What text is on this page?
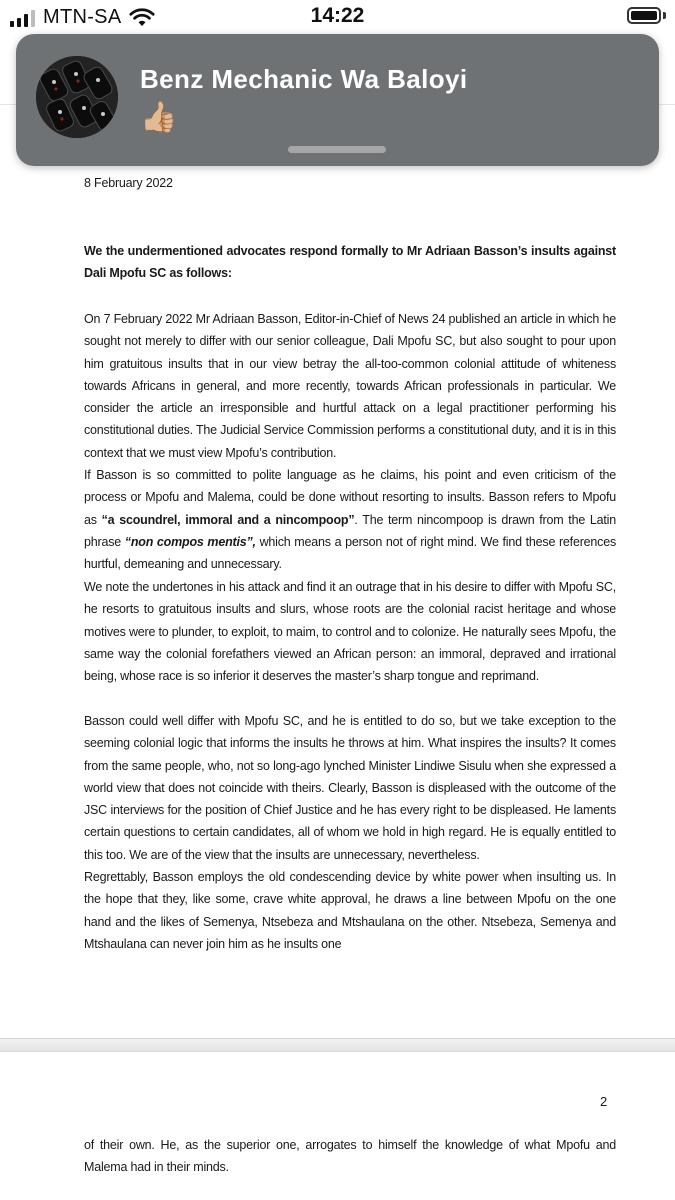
MTN-SA	14:22
Benz Mechanic Wa Baloyi
👍🏼
8 February 2022
We the undermentioned advocates respond formally to Mr Adriaan Basson’s insults against Dali Mpofu SC as follows:
On 7 February 2022 Mr Adriaan Basson, Editor-in-Chief of News 24 published an article in which he sought not merely to differ with our senior colleague, Dali Mpofu SC, but also sought to pour upon him gratuitous insults that in our view betray the all-too-common colonial attitude of whiteness towards Africans in general, and more recently, towards African professionals in particular. We consider the article an irresponsible and hurtful attack on a legal practitioner performing his constitutional duties. The Judicial Service Commission performs a constitutional duty, and it is in this context that we must view Mpofu’s contribution.
If Basson is so committed to polite language as he claims, his point and even criticism of the process or Mpofu and Malema, could be done without resorting to insults. Basson refers to Mpofu as “a scoundrel, immoral and a nincompoop”. The term nincompoop is drawn from the Latin phrase “non compos mentis”, which means a person not of right mind. We find these references hurtful, demeaning and unnecessary.
We note the undertones in his attack and find it an outrage that in his desire to differ with Mpofu SC, he resorts to gratuitous insults and slurs, whose roots are the colonial racist heritage and whose motives were to plunder, to exploit, to maim, to control and to colonize. He naturally sees Mpofu, the same way the colonial forefathers viewed an African person: an immoral, depraved and irrational being, whose race is so inferior it deserves the master’s sharp tongue and reprimand.
Basson could well differ with Mpofu SC, and he is entitled to do so, but we take exception to the seeming colonial logic that informs the insults he throws at him. What inspires the insults? It comes from the same people, who, not so long-ago lynched Minister Lindiwe Sisulu when she expressed a world view that does not coincide with theirs. Clearly, Basson is displeased with the outcome of the JSC interviews for the position of Chief Justice and he has every right to be displeased. He laments certain questions to certain candidates, all of whom we hold in high regard. He is equally entitled to this too. We are of the view that the insults are unnecessary, nevertheless.
Regrettably, Basson employs the old condescending device by white power when insulting us. In the hope that they, like some, crave white approval, he draws a line between Mpofu on the one hand and the likes of Semenya, Ntsebeza and Mtshaulana on the other. Ntsebeza, Semenya and Mtshaulana can never join him as he insults one
2
of their own. He, as the superior one, arrogates to himself the knowledge of what Mpofu and Malema had in their minds.
